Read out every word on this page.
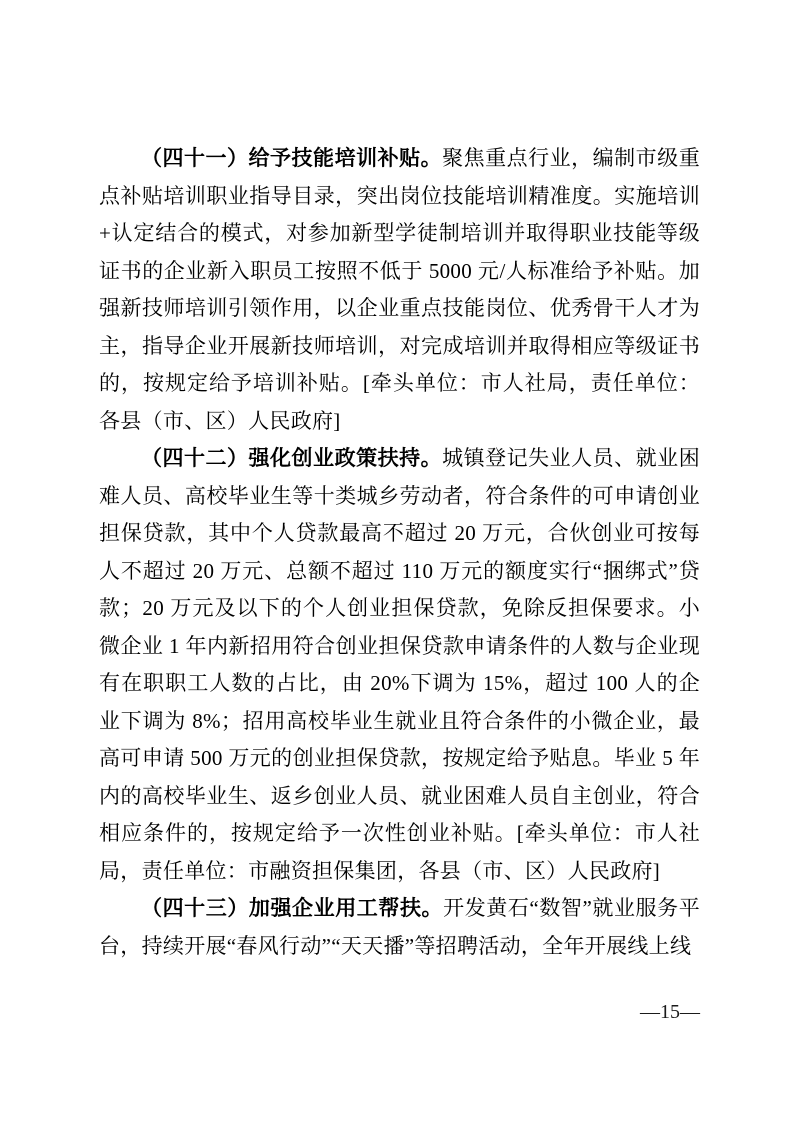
（四十一）给予技能培训补贴。聚焦重点行业，编制市级重点补贴培训职业指导目录，突出岗位技能培训精准度。实施培训+认定结合的模式，对参加新型学徒制培训并取得职业技能等级证书的企业新入职员工按照不低于 5000 元/人标准给予补贴。加强新技师培训引领作用，以企业重点技能岗位、优秀骨干人才为主，指导企业开展新技师培训，对完成培训并取得相应等级证书的，按规定给予培训补贴。[牵头单位：市人社局，责任单位：各县（市、区）人民政府]

（四十二）强化创业政策扶持。城镇登记失业人员、就业困难人员、高校毕业生等十类城乡劳动者，符合条件的可申请创业担保贷款，其中个人贷款最高不超过 20 万元，合伙创业可按每人不超过 20 万元、总额不超过 110 万元的额度实行“捆绑式”贷款；20 万元及以下的个人创业担保贷款，免除反担保要求。小微企业 1 年内新招用符合创业担保贷款申请条件的人数与企业现有在职职工人数的占比，由 20%下调为 15%，超过 100 人的企业下调为 8%；招用高校毕业生就业且符合条件的小微企业，最高可申请 500 万元的创业担保贷款，按规定给予贴息。毕业 5 年内的高校毕业生、返乡创业人员、就业困难人员自主创业，符合相应条件的，按规定给予一次性创业补贴。[牵头单位：市人社局，责任单位：市融资担保集团，各县（市、区）人民政府]

（四十三）加强企业用工帮扶。开发黄石“数智”就业服务平台，持续开展“春风行动”“天天播”等招聘活动，全年开展线上线

—15—
